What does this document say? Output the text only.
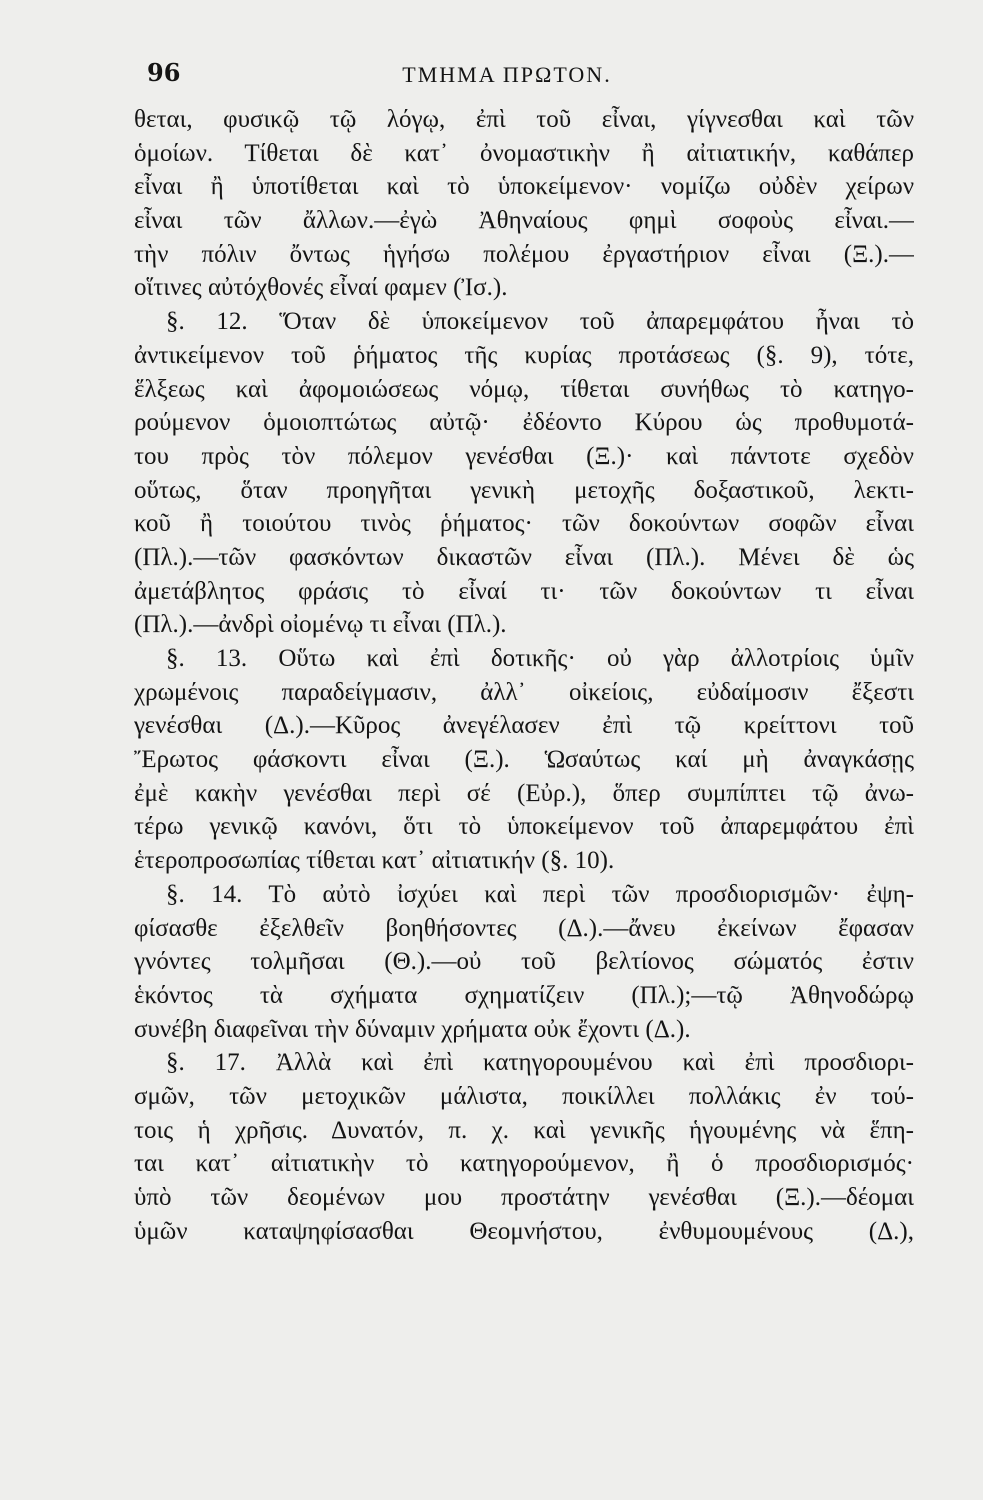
96	ΤΜΗΜΑ ΠΡΩΤΟΝ.
θεται, φυσικῷ τῷ λόγῳ, ἐπὶ τοῦ εἶναι, γίγνεσθαι καὶ τῶν
ὁμοίων. Τίθεται δὲ κατ᾽ ὀνομαστικὴν ἢ αἰτιατικήν, καθάπερ
εἶναι ἢ ὑποτίθεται καὶ τὸ ὑποκείμενον· νομίζω οὐδὲν χείρων
εἶναι τῶν ἄλλων.—ἐγὼ Ἀθηναίους φημὶ σοφοὺς εἶναι.—
τὴν πόλιν ὄντως ἡγήσω πολέμου ἐργαστήριον εἶναι (Ξ.).—
οἵτινες αὐτόχθονές εἶναί φαμεν (Ἰσ.).
§. 12. Ὅταν δὲ ὑποκείμενον τοῦ ἀπαρεμφάτου ἦναι τὸ
ἀντικείμενον τοῦ ῥήματος τῆς κυρίας προτάσεως (§. 9), τότε,
ἕλξεως καὶ ἀφομοιώσεως νόμῳ, τίθεται συνήθως τὸ κατηγο-
ρούμενον ὁμοιοπτώτως αὐτῷ· ἐδέοντο Κύρου ὡς προθυμοτά-
του πρὸς τὸν πόλεμον γενέσθαι (Ξ.)· καὶ πάντοτε σχεδὸν
οὕτως, ὅταν προηγῆται γενικὴ μετοχῆς δοξαστικοῦ, λεκτι-
κοῦ ἢ τοιούτου τινὸς ῥήματος· τῶν δοκούντων σοφῶν εἶναι
(Πλ.).—τῶν φασκόντων δικαστῶν εἶναι (Πλ.). Μένει δὲ ὡς
ἀμετάβλητος φράσις τὸ εἶναί τι· τῶν δοκούντων τι εἶναι
(Πλ.).—ἀνδρὶ οἰομένῳ τι εἶναι (Πλ.).
§. 13. Οὕτω καὶ ἐπὶ δοτικῆς· οὐ γὰρ ἀλλοτρίοις ὑμῖν
χρωμένοις παραδείγμασιν, ἀλλ᾽ οἰκείοις, εὐδαίμοσιν ἔξεστι
γενέσθαι (Δ.).—Κῦρος ἀνεγέλασεν ἐπὶ τῷ κρείττονι τοῦ
Ἔρωτος φάσκοντι εἶναι (Ξ.). Ὡσαύτως καί μὴ ἀναγκάσῃς
ἐμὲ κακὴν γενέσθαι περὶ σέ (Εὐρ.), ὅπερ συμπίπτει τῷ ἀνω-
τέρω γενικῷ κανόνι, ὅτι τὸ ὑποκείμενον τοῦ ἀπαρεμφάτου ἐπὶ
ἑτεροπροσωπίας τίθεται κατ᾽ αἰτιατικήν (§. 10).
§. 14. Τὸ αὐτὸ ἰσχύει καὶ περὶ τῶν προσδιορισμῶν· ἐψη-
φίσασθε ἐξελθεῖν βοηθήσοντες (Δ.).—ἄνευ ἐκείνων ἔφασαν
γνόντες τολμῆσαι (Θ.).—οὐ τοῦ βελτίονος σώματός ἐστιν
ἑκόντος τὰ σχήματα σχηματίζειν (Πλ.);—τῷ Ἀθηνοδώρῳ
συνέβη διαφεῖναι τὴν δύναμιν χρήματα οὐκ ἔχοντι (Δ.).
§. 17. Ἀλλὰ καὶ ἐπὶ κατηγορουμένου καὶ ἐπὶ προσδιορι-
σμῶν, τῶν μετοχικῶν μάλιστα, ποικίλλει πολλάκις ἐν τού-
τοις ἡ χρῆσις. Δυνατόν, π. χ. καὶ γενικῆς ἡγουμένης νὰ ἕπη-
ται κατ᾽ αἰτιατικὴν τὸ κατηγορούμενον, ἢ ὁ προσδιορισμός·
ὑπὸ τῶν δεομένων μου προστάτην γενέσθαι (Ξ.).—δέομαι
ὑμῶν καταψηφίσασθαι Θεομνήστου, ἐνθυμουμένους (Δ.),
